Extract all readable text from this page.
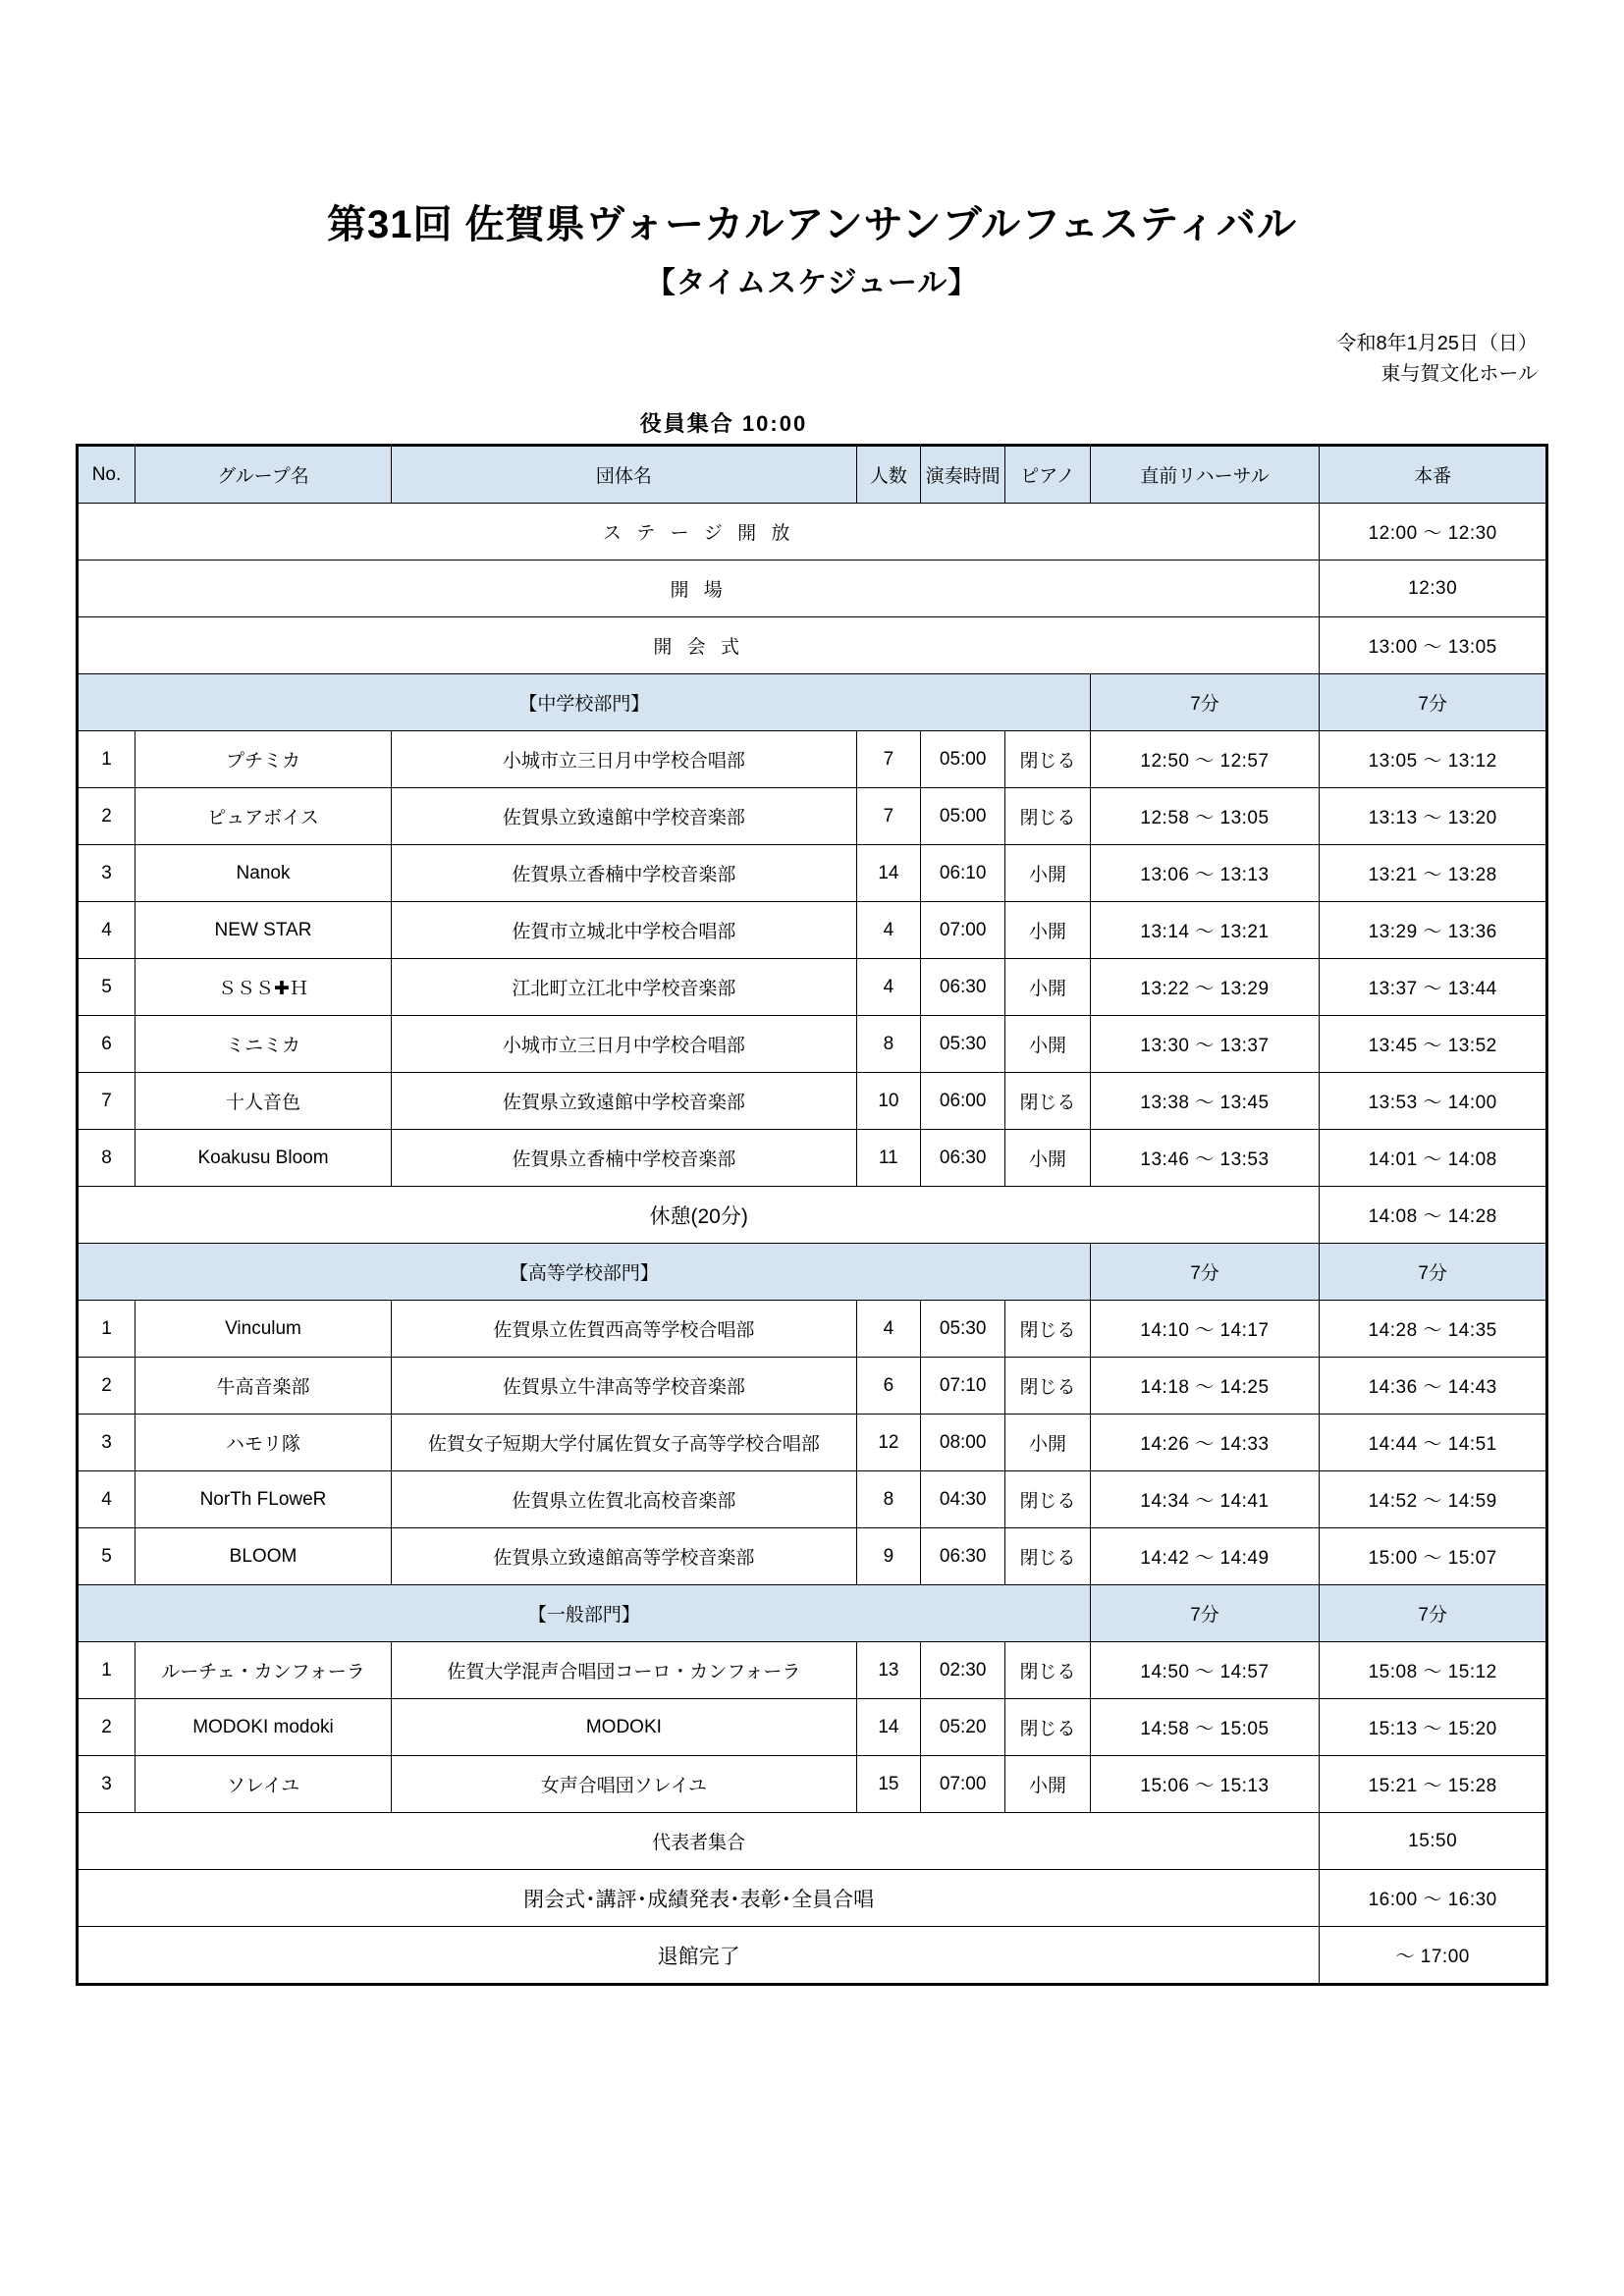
第31回 佐賀県ヴォーカルアンサンブルフェスティバル
【タイムスケジュール】
令和8年1月25日（日）
東与賀文化ホール
役員集合 10:00
No.	グループ名	団体名	人数	演奏時間	ピアノ	直前リハーサル	本番
ス テ ー ジ 開 放							12:00 ～ 12:30
開 場							12:30
開 会 式							13:00 ～ 13:05
【中学校部門】						7分	7分
1	プチミカ	小城市立三日月中学校合唱部	7	05:00	閉じる	12:50 ～ 12:57	13:05 ～ 13:12
2	ピュアボイス	佐賀県立致遠館中学校音楽部	7	05:00	閉じる	12:58 ～ 13:05	13:13 ～ 13:20
3	Nanok	佐賀県立香楠中学校音楽部	14	06:10	小開	13:06 ～ 13:13	13:21 ～ 13:28
4	NEW STAR	佐賀市立城北中学校合唱部	4	07:00	小開	13:14 ～ 13:21	13:29 ～ 13:36
5	ＳＳＳ✚Ｈ	江北町立江北中学校音楽部	4	06:30	小開	13:22 ～ 13:29	13:37 ～ 13:44
6	ミニミカ	小城市立三日月中学校合唱部	8	05:30	小開	13:30 ～ 13:37	13:45 ～ 13:52
7	十人音色	佐賀県立致遠館中学校音楽部	10	06:00	閉じる	13:38 ～ 13:45	13:53 ～ 14:00
8	Koakusu Bloom	佐賀県立香楠中学校音楽部	11	06:30	小開	13:46 ～ 13:53	14:01 ～ 14:08
休憩(20分)							14:08 ～ 14:28
【高等学校部門】						7分	7分
1	Vinculum	佐賀県立佐賀西高等学校合唱部	4	05:30	閉じる	14:10 ～ 14:17	14:28 ～ 14:35
2	牛高音楽部	佐賀県立牛津高等学校音楽部	6	07:10	閉じる	14:18 ～ 14:25	14:36 ～ 14:43
3	ハモリ隊	佐賀女子短期大学付属佐賀女子高等学校合唱部	12	08:00	小開	14:26 ～ 14:33	14:44 ～ 14:51
4	NorTh FLoweR	佐賀県立佐賀北高校音楽部	8	04:30	閉じる	14:34 ～ 14:41	14:52 ～ 14:59
5	BLOOM	佐賀県立致遠館高等学校音楽部	9	06:30	閉じる	14:42 ～ 14:49	15:00 ～ 15:07
【一般部門】						7分	7分
1	ルーチェ・カンフォーラ	佐賀大学混声合唱団コーロ・カンフォーラ	13	02:30	閉じる	14:50 ～ 14:57	15:08 ～ 15:12
2	MODOKI modoki	MODOKI	14	05:20	閉じる	14:58 ～ 15:05	15:13 ～ 15:20
3	ソレイユ	女声合唱団ソレイユ	15	07:00	小開	15:06 ～ 15:13	15:21 ～ 15:28
代表者集合							15:50
閉会式･講評･成績発表･表彰･全員合唱							16:00 ～ 16:30
退館完了							～ 17:00
